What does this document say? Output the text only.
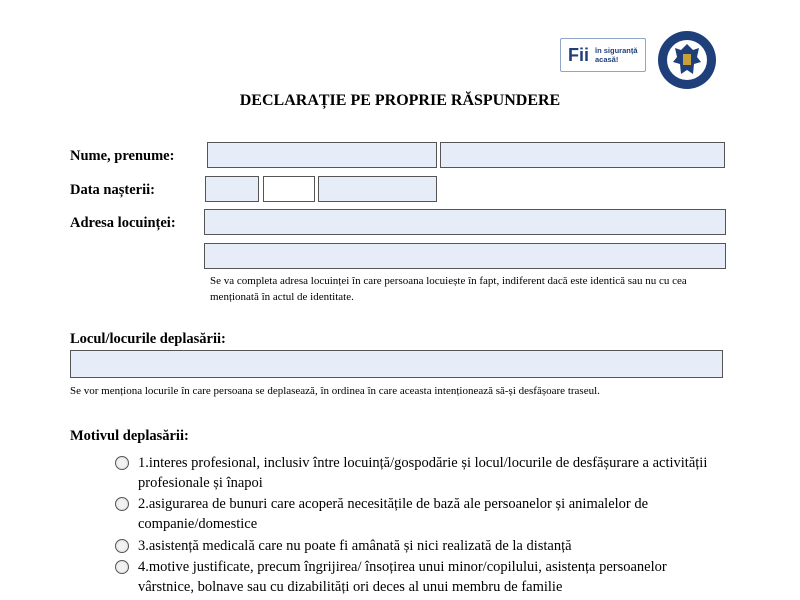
Fii în siguranță acasă!
DECLARAȚIE PE PROPRIE RĂSPUNDERE
Nume, prenume:
Data nașterii:
Adresa locuinței:
Se va completa adresa locuinței în care persoana locuiește în fapt, indiferent dacă este identică sau nu cu cea menționată în actul de identitate.
Locul/locurile deplasării:
Se vor menționa locurile în care persoana se deplasează, în ordinea în care aceasta intenționează să-și desfășoare traseul.
Motivul deplasării:
1.interes profesional, inclusiv între locuință/gospodărie și locul/locurile de desfășurare a activității profesionale și înapoi
2.asigurarea de bunuri care acoperă necesitățile de bază ale persoanelor și animalelor de companie/domestice
3.asistență medicală care nu poate fi amânată și nici realizată de la distanță
4.motive justificate, precum îngrijirea/ însoțirea unui minor/copilului, asistența persoanelor vârstnice, bolnave sau cu dizabilități ori deces al unui membru de familie
